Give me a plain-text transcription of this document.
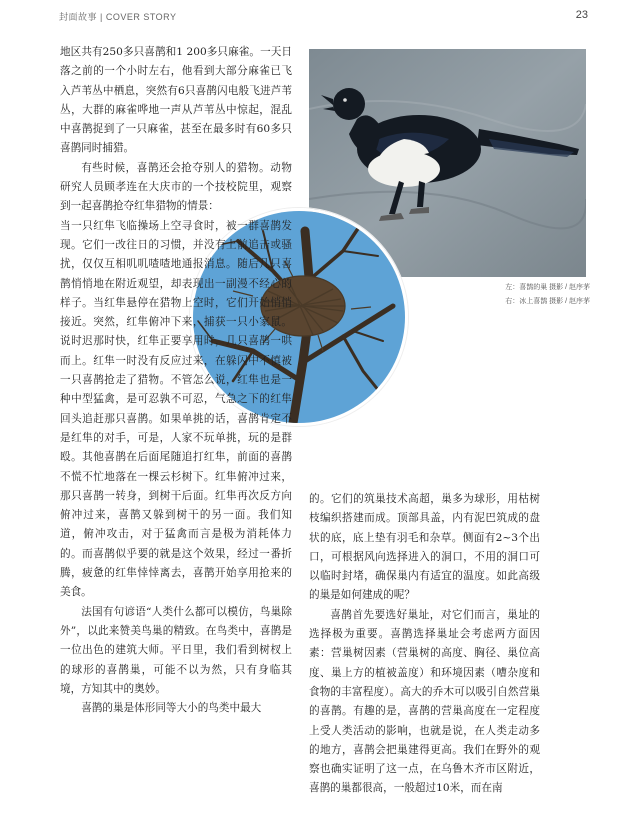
封面故事 | COVER STORY	23
左：喜鹊的巢 摄影 / 赵序茅
右：冰上喜鹊 摄影 / 赵序茅

地区共有250多只喜鹊和1 200多只麻雀。一天日落之前的一个小时左右，他看到大部分麻雀已飞入芦苇丛中栖息，突然有6只喜鹊闪电般飞进芦苇丛，大群的麻雀哗地一声从芦苇丛中惊起，混乱中喜鹊捉到了一只麻雀，甚至在最多时有60多只喜鹊同时捕猎。

有些时候，喜鹊还会抢夺别人的猎物。动物研究人员顾孝连在大庆市的一个技校院里，观察到一起喜鹊抢夺红隼猎物的情景：

当一只红隼飞临操场上空寻食时，被一群喜鹊发现。它们一改往日的习惯，并没有上前追击或骚扰，仅仅互相叽叽喳喳地通报消息。随后几只喜鹊悄悄地在附近观望，却表现出一副漫不经心的样子。当红隼悬停在猎物上空时，它们开始悄悄接近。突然，红隼俯冲下来，捕获一只小家鼠。说时迟那时快，红隼正要享用时，几只喜鹊一哄而上。红隼一时没有反应过来，在躲闪中不慎被一只喜鹊抢走了猎物。不管怎么说，红隼也是一种中型猛禽，是可忍孰不可忍，气急之下的红隼回头追赶那只喜鹊。如果单挑的话，喜鹊肯定不是红隼的对手，可是，人家不玩单挑，玩的是群殴。其他喜鹊在后面尾随追打红隼，前面的喜鹊不慌不忙地落在一棵云杉树下。红隼俯冲过来，那只喜鹊一转身，到树干后面。红隼再次反方向俯冲过来，喜鹊又躲到树干的另一面。我们知道，俯冲攻击，对于猛禽而言是极为消耗体力的。而喜鹊似乎要的就是这个效果，经过一番折腾，疲惫的红隼悻悻离去，喜鹊开始享用抢来的美食。

法国有句谚语“人类什么都可以模仿，鸟巢除外”，以此来赞美鸟巢的精致。在鸟类中，喜鹊是一位出色的建筑大师。平日里，我们看到树杈上的球形的喜鹊巢，可能不以为然，只有身临其境，方知其中的奥妙。

喜鹊的巢是体形同等大小的鸟类中最大

的。它们的筑巢技术高超，巢多为球形，用枯树枝编织搭建而成。顶部具盖，内有泥巴筑成的盘状的底，底上垫有羽毛和杂草。侧面有2~3个出口，可根据风向选择进入的洞口，不用的洞口可以临时封堵，确保巢内有适宜的温度。如此高级的巢是如何建成的呢？

喜鹊首先要选好巢址，对它们而言，巢址的选择极为重要。喜鹊选择巢址会考虑两方面因素：营巢树因素（营巢树的高度、胸径、巢位高度、巢上方的植被盖度）和环境因素（嘈杂度和食物的丰富程度）。高大的乔木可以吸引自然营巢的喜鹊。有趣的是，喜鹊的营巢高度在一定程度上受人类活动的影响，也就是说，在人类走动多的地方，喜鹊会把巢建得更高。我们在野外的观察也确实证明了这一点，在乌鲁木齐市区附近，喜鹊的巢都很高，一般超过10米，而在南
